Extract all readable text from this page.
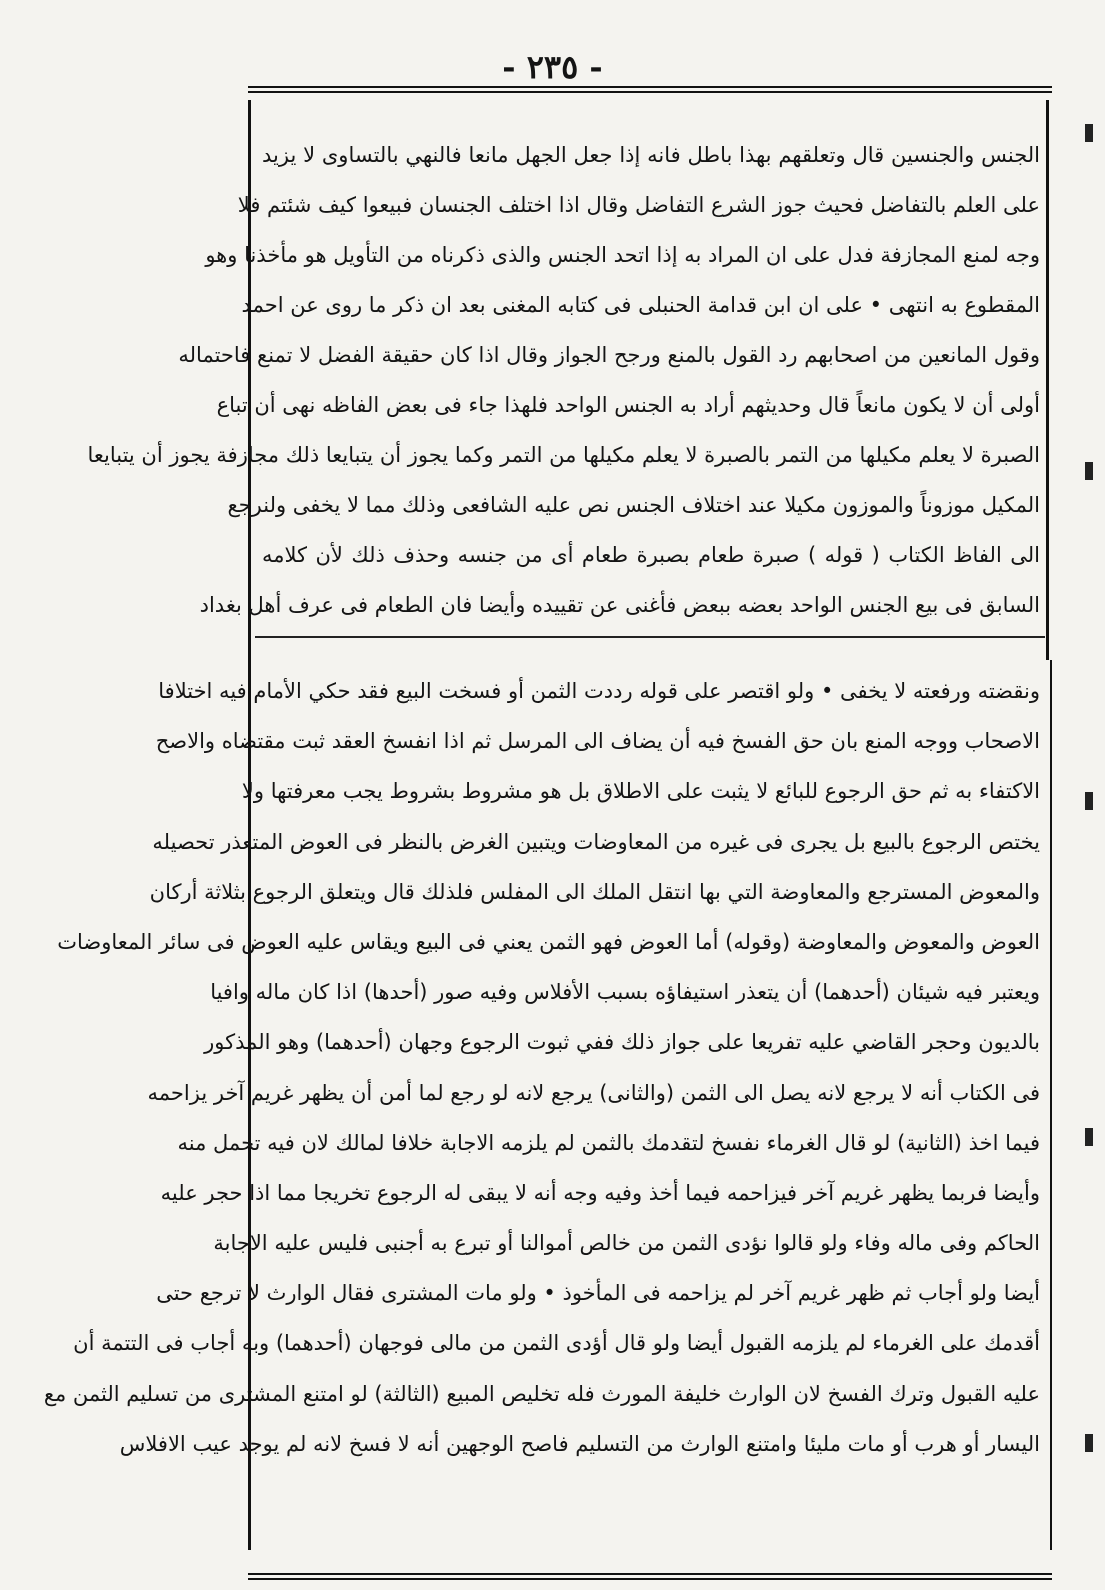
- ٢٣٥ -
الجنس والجنسين قال وتعلقهم بهذا باطل فانه إذا جعل الجهل مانعا فالنهي بالتساوى لا يزيد
على العلم بالتفاضل فحيث جوز الشرع التفاضل وقال اذا اختلف الجنسان فبيعوا كيف شئتم فلا
وجه لمنع المجازفة فدل على ان المراد به إذا اتحد الجنس والذى ذكرناه من التأويل هو مأخذنا وهو
المقطوع به انتهى • على ان ابن قدامة الحنبلى فى كتابه المغنى بعد ان ذكر ما روى عن احمد
وقول المانعين من اصحابهم رد القول بالمنع ورجح الجواز وقال اذا كان حقيقة الفضل لا تمنع فاحتماله
أولى أن لا يكون مانعاً قال وحديثهم أراد به الجنس الواحد فلهذا جاء فى بعض الفاظه نهى أن تباع
الصبرة لا يعلم مكيلها من التمر بالصبرة لا يعلم مكيلها من التمر وكما يجوز أن يتبايعا ذلك مجازفة يجوز أن يتبايعا
المكيل موزوناً والموزون مكيلا عند اختلاف الجنس نص عليه الشافعى وذلك مما لا يخفى ولنرجع
الى الفاظ الكتاب ( قوله ) صبرة طعام بصبرة طعام أى من جنسه وحذف ذلك لأن كلامه
السابق فى بيع الجنس الواحد بعضه ببعض فأغنى عن تقييده وأيضا فان الطعام فى عرف أهل بغداد
ونقضته ورفعته لا يخفى • ولو اقتصر على قوله رددت الثمن أو فسخت البيع فقد حكي الأمام فيه اختلافا
الاصحاب ووجه المنع بان حق الفسخ فيه أن يضاف الى المرسل ثم اذا انفسخ العقد ثبت مقتضاه والاصح
الاكتفاء به ثم حق الرجوع للبائع لا يثبت على الاطلاق بل هو مشروط بشروط يجب معرفتها ولا
يختص الرجوع بالبيع بل يجرى فى غيره من المعاوضات ويتبين الغرض بالنظر فى العوض المتعذر تحصيله
والمعوض المسترجع والمعاوضة التي بها انتقل الملك الى المفلس فلذلك قال ويتعلق الرجوع بثلاثة أركان
العوض والمعوض والمعاوضة (وقوله) أما العوض فهو الثمن يعني فى البيع ويقاس عليه العوض فى سائر المعاوضات
ويعتبر فيه شيئان (أحدهما) أن يتعذر استيفاؤه بسبب الأفلاس وفيه صور (أحدها) اذا كان ماله وافيا
بالديون وحجر القاضي عليه تفريعا على جواز ذلك ففي ثبوت الرجوع وجهان (أحدهما) وهو المذكور
فى الكتاب أنه لا يرجع لانه يصل الى الثمن (والثانى) يرجع لانه لو رجع لما أمن أن يظهر غريم آخر يزاحمه
فيما اخذ (الثانية) لو قال الغرماء نفسخ لتقدمك بالثمن لم يلزمه الاجابة خلافا لمالك لان فيه تحمل منه
وأيضا فربما يظهر غريم آخر فيزاحمه فيما أخذ وفيه وجه أنه لا يبقى له الرجوع تخريجا مما اذا حجر عليه
الحاكم وفى ماله وفاء ولو قالوا نؤدى الثمن من خالص أموالنا أو تبرع به أجنبى فليس عليه الاجابة
أيضا ولو أجاب ثم ظهر غريم آخر لم يزاحمه فى المأخوذ • ولو مات المشترى فقال الوارث لا ترجع حتى
أقدمك على الغرماء لم يلزمه القبول أيضا ولو قال أؤدى الثمن من مالى فوجهان (أحدهما) وبه أجاب فى التتمة أن
عليه القبول وترك الفسخ لان الوارث خليفة المورث فله تخليص المبيع (الثالثة) لو امتنع المشترى من تسليم الثمن مع
اليسار أو هرب أو مات مليئا وامتنع الوارث من التسليم فاصح الوجهين أنه لا فسخ لانه لم يوجد عيب الافلاس
